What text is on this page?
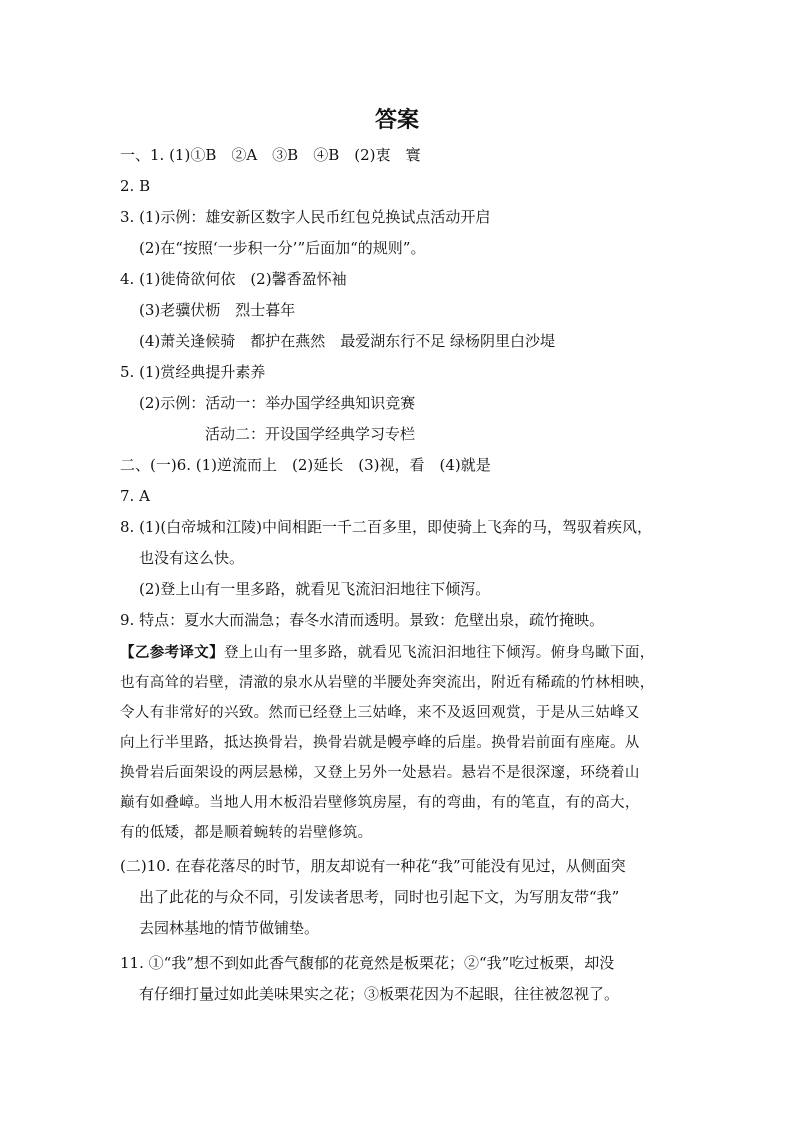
答案
一、1. (1)①B　②A　③B　④B　(2)衷　寰
2. B
3. (1)示例：雄安新区数字人民币红包兑换试点活动开启
(2)在“按照‘一步积一分’”后面加“的规则”。
4. (1)徙倚欲何依　(2)馨香盈怀袖
(3)老骥伏枥　烈士暮年
(4)萧关逢候骑　都护在燕然　最爱湖东行不足 绿杨阴里白沙堤
5. (1)赏经典提升素养
(2)示例：活动一：举办国学经典知识竞赛
活动二：开设国学经典学习专栏
二、(一)6. (1)逆流而上　(2)延长　(3)视，看　(4)就是
7. A
8. (1)(白帝城和江陵)中间相距一千二百多里，即使骑上飞奔的马，驾驭着疾风，
也没有这么快。
(2)登上山有一里多路，就看见飞流汩汩地往下倾泻。
9. 特点：夏水大而湍急；春冬水清而透明。景致：危壁出泉，疏竹掩映。
【乙参考译文】登上山有一里多路，就看见飞流汩汩地往下倾泻。俯身鸟瞰下面，
也有高耸的岩壁，清澈的泉水从岩壁的半腰处奔突流出，附近有稀疏的竹林相映，
令人有非常好的兴致。然而已经登上三姑峰，来不及返回观赏，于是从三姑峰又
向上行半里路，抵达换骨岩，换骨岩就是幔亭峰的后崖。换骨岩前面有座庵。从
换骨岩后面架设的两层悬梯，又登上另外一处悬岩。悬岩不是很深邃，环绕着山
巅有如叠嶂。当地人用木板沿岩壁修筑房屋，有的弯曲，有的笔直，有的高大，
有的低矮，都是顺着蜿转的岩壁修筑。
(二)10. 在春花落尽的时节，朋友却说有一种花“我”可能没有见过，从侧面突
出了此花的与众不同，引发读者思考，同时也引起下文，为写朋友带“我”
去园林基地的情节做铺垫。
11. ①“我”想不到如此香气馥郁的花竟然是板栗花；②“我”吃过板栗，却没
有仔细打量过如此美味果实之花；③板栗花因为不起眼，往往被忽视了。
